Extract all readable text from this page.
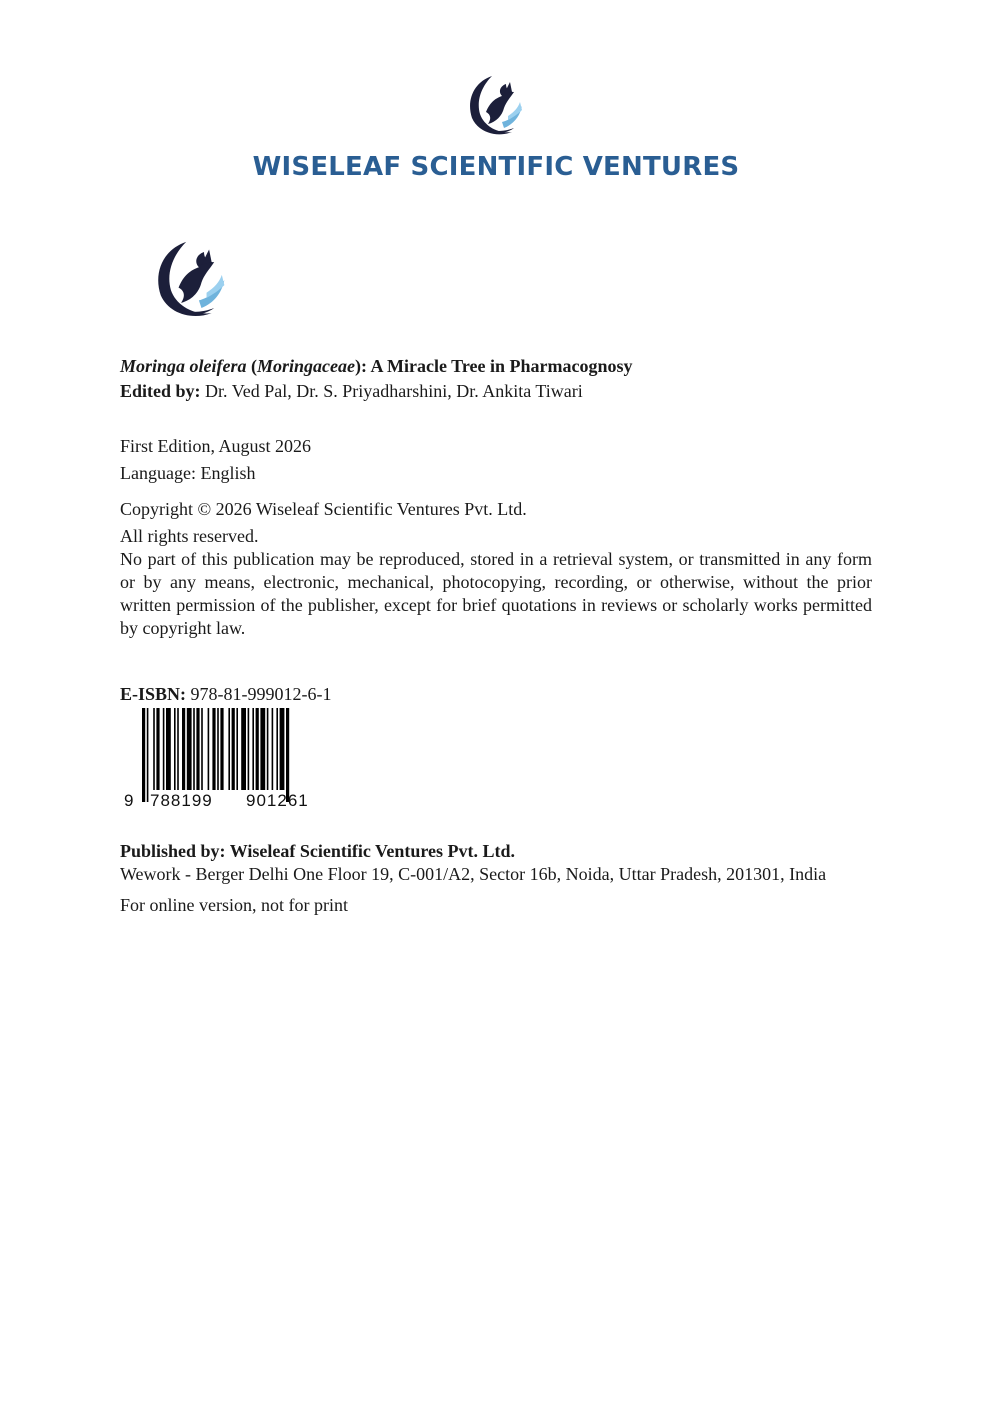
WISELEAF SCIENTIFIC VENTURES

Moringa oleifera (Moringaceae): A Miracle Tree in Pharmacognosy

Edited by: Dr. Ved Pal, Dr. S. Priyadharshini, Dr. Ankita Tiwari

First Edition, August 2026

Language: English

Copyright © 2026 Wiseleaf Scientific Ventures Pvt. Ltd.

All rights reserved.

No part of this publication may be reproduced, stored in a retrieval system, or transmitted in any form or by any means, electronic, mechanical, photocopying, recording, or otherwise, without the prior written permission of the publisher, except for brief quotations in reviews or scholarly works permitted by copyright law.

E-ISBN: 978-81-999012-6-1

9 788199 901261

Published by: Wiseleaf Scientific Ventures Pvt. Ltd.

Wework - Berger Delhi One Floor 19, C-001/A2, Sector 16b, Noida, Uttar Pradesh, 201301, India

For online version, not for print
